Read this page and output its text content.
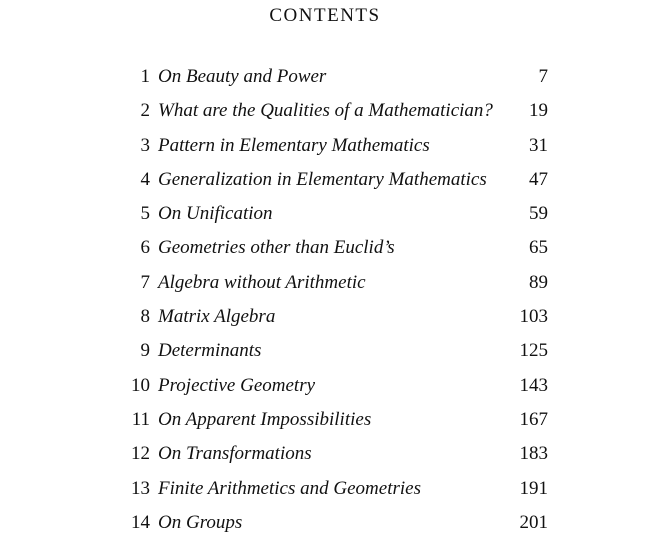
CONTENTS
1 On Beauty and Power	7
2 What are the Qualities of a Mathematician? 19
3 Pattern in Elementary Mathematics	31
4 Generalization in Elementary Mathematics 47
5 On Unification	59
6 Geometries other than Euclid’s	65
7 Algebra without Arithmetic	89
8 Matrix Algebra	103
9 Determinants	125
10 Projective Geometry	143
11 On Apparent Impossibilities	167
12 On Transformations	183
13 Finite Arithmetics and Geometries	191
14 On Groups	201
